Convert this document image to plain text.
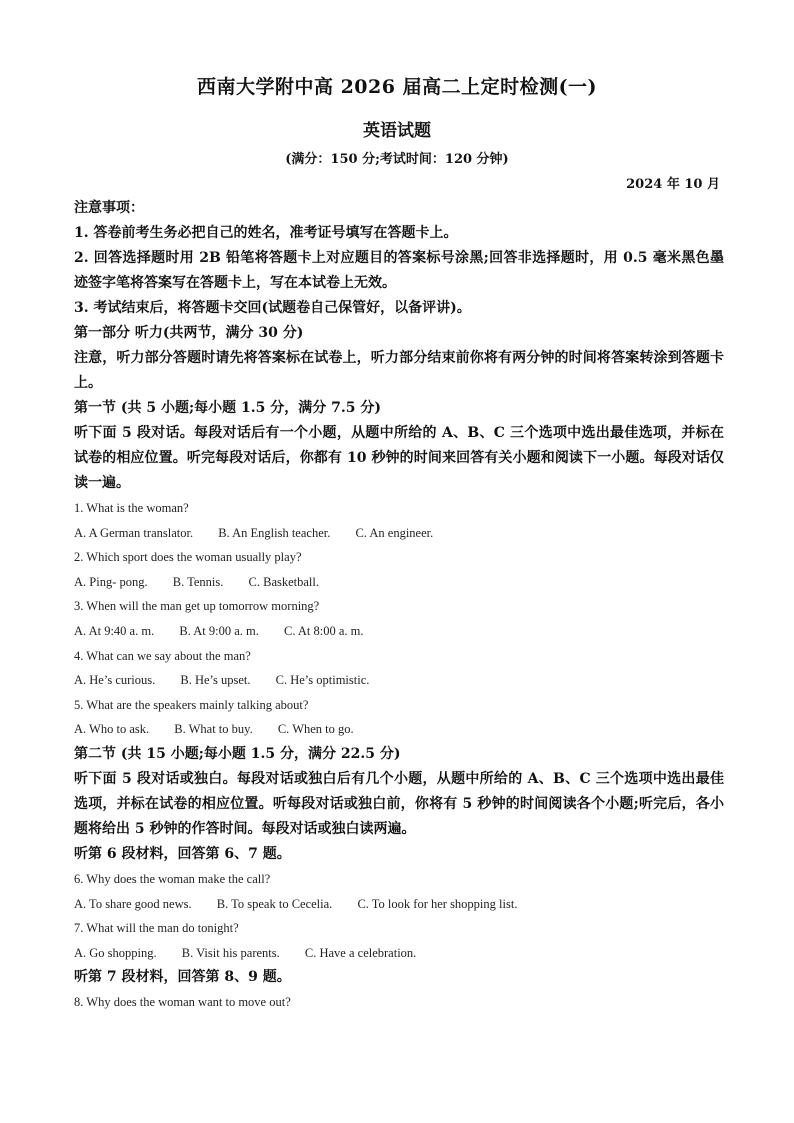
西南大学附中高 2026 届高二上定时检测(一)
英语试题
(满分：150 分;考试时间：120 分钟)
2024 年 10 月

注意事项：

1. 答卷前考生务必把自己的姓名，准考证号填写在答题卡上。

2. 回答选择题时用 2B 铅笔将答题卡上对应题目的答案标号涂黑;回答非选择题时，用 0.5 毫米黑色墨迹签字笔将答案写在答题卡上，写在本试卷上无效。

3. 考试结束后，将答题卡交回(试题卷自己保管好，以备评讲)。

第一部分 听力(共两节，满分 30 分)

注意，听力部分答题时请先将答案标在试卷上，听力部分结束前你将有两分钟的时间将答案转涂到答题卡上。

第一节 (共 5 小题;每小题 1.5 分，满分 7.5 分)

听下面 5 段对话。每段对话后有一个小题，从题中所给的 A、B、C 三个选项中选出最佳选项，并标在试卷的相应位置。听完每段对话后，你都有 10 秒钟的时间来回答有关小题和阅读下一小题。每段对话仅读一遍。

1. What is the woman?

A. A German translator. B. An English teacher. C. An engineer.

2. Which sport does the woman usually play?

A. Ping- pong. B. Tennis. C. Basketball.

3. When will the man get up tomorrow morning?

A. At 9:40 a. m. B. At 9:00 a. m. C. At 8:00 a. m.

4. What can we say about the man?

A. He’s curious. B. He’s upset. C. He’s optimistic.

5. What are the speakers mainly talking about?

A. Who to ask. B. What to buy. C. When to go.

第二节 (共 15 小题;每小题 1.5 分，满分 22.5 分)

听下面 5 段对话或独白。每段对话或独白后有几个小题，从题中所给的 A、B、C 三个选项中选出最佳选项，并标在试卷的相应位置。听每段对话或独白前，你将有 5 秒钟的时间阅读各个小题;听完后，各小题将给出 5 秒钟的作答时间。每段对话或独白读两遍。

听第 6 段材料，回答第 6、7 题。

6. Why does the woman make the call?

A. To share good news. B. To speak to Cecelia. C. To look for her shopping list.

7. What will the man do tonight?

A. Go shopping. B. Visit his parents. C. Have a celebration.

听第 7 段材料，回答第 8、9 题。

8. Why does the woman want to move out?
